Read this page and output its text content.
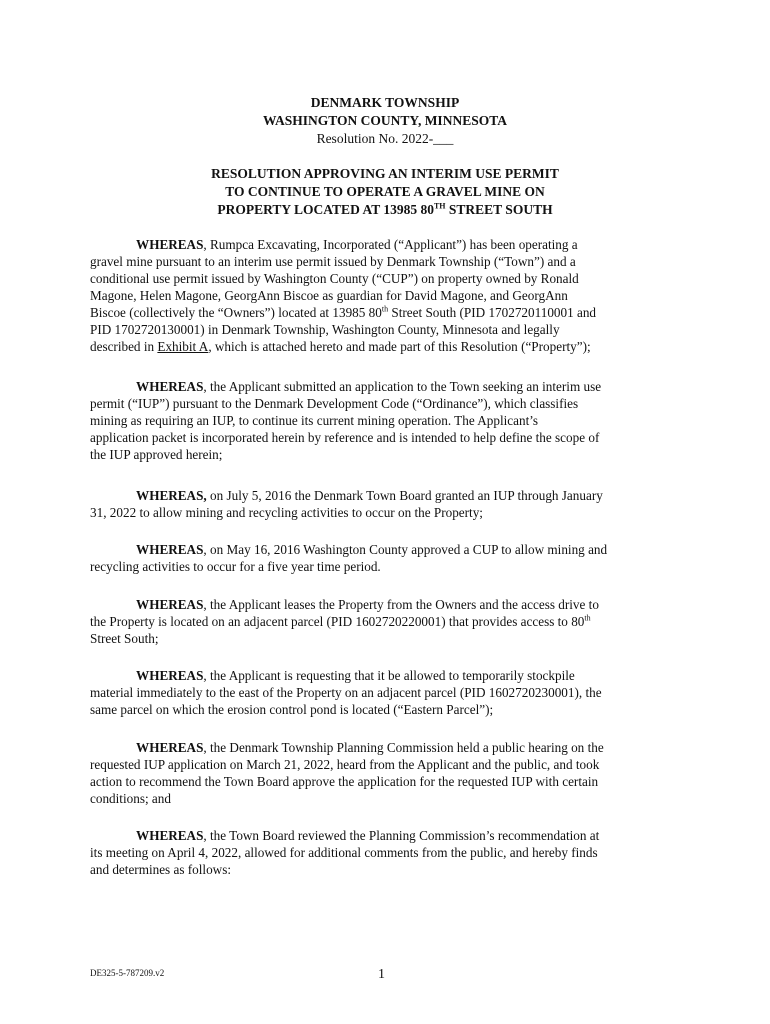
DENMARK TOWNSHIP
WASHINGTON COUNTY, MINNESOTA
Resolution No. 2022-___
RESOLUTION APPROVING AN INTERIM USE PERMIT
TO CONTINUE TO OPERATE A GRAVEL MINE ON
PROPERTY LOCATED AT 13985 80TH STREET SOUTH
WHEREAS, Rumpca Excavating, Incorporated (“Applicant”) has been operating a
gravel mine pursuant to an interim use permit issued by Denmark Township (“Town”) and a
conditional use permit issued by Washington County (“CUP”) on property owned by Ronald
Magone, Helen Magone, GeorgAnn Biscoe as guardian for David Magone, and GeorgAnn
Biscoe (collectively the “Owners”) located at 13985 80th Street South (PID 1702720110001 and
PID 1702720130001) in Denmark Township, Washington County, Minnesota and legally
described in Exhibit A, which is attached hereto and made part of this Resolution (“Property”);
WHEREAS, the Applicant submitted an application to the Town seeking an interim use
permit (“IUP”) pursuant to the Denmark Development Code (“Ordinance”), which classifies
mining as requiring an IUP, to continue its current mining operation. The Applicant’s
application packet is incorporated herein by reference and is intended to help define the scope of
the IUP approved herein;
WHEREAS, on July 5, 2016 the Denmark Town Board granted an IUP through January
31, 2022 to allow mining and recycling activities to occur on the Property;
WHEREAS, on May 16, 2016 Washington County approved a CUP to allow mining and
recycling activities to occur for a five year time period.
WHEREAS, the Applicant leases the Property from the Owners and the access drive to
the Property is located on an adjacent parcel (PID 1602720220001) that provides access to 80th
Street South;
WHEREAS, the Applicant is requesting that it be allowed to temporarily stockpile
material immediately to the east of the Property on an adjacent parcel (PID 1602720230001), the
same parcel on which the erosion control pond is located (“Eastern Parcel”);
WHEREAS, the Denmark Township Planning Commission held a public hearing on the
requested IUP application on March 21, 2022, heard from the Applicant and the public, and took
action to recommend the Town Board approve the application for the requested IUP with certain
conditions; and
WHEREAS, the Town Board reviewed the Planning Commission’s recommendation at
its meeting on April 4, 2022, allowed for additional comments from the public, and hereby finds
and determines as follows:
DE325-5-787209.v2	1
